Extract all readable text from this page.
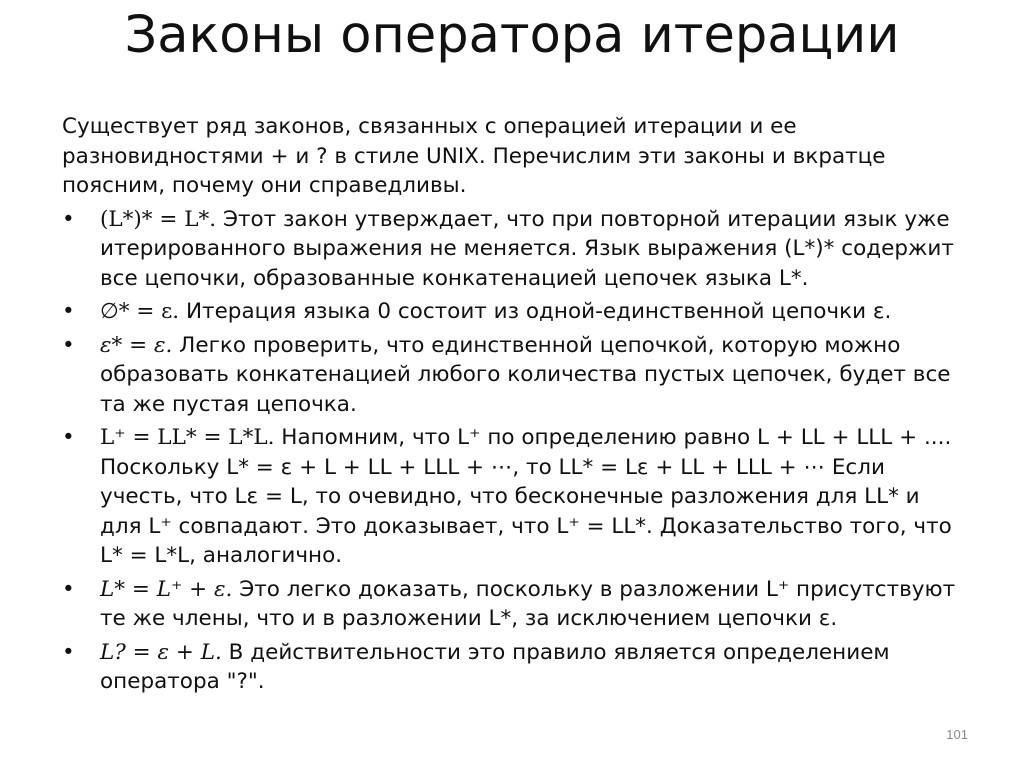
Законы оператора итерации

Существует ряд законов, связанных с операцией итерации и ее разновидностями + и ? в стиле UNIX. Перечислим эти законы и вкратце поясним, почему они справедливы.

• (L*)* = L*. Этот закон утверждает, что при повторной итерации язык уже итерированного выражения не меняется. Язык выражения (L*)* содержит все цепочки, образованные конкатенацией цепочек языка L*.
• ∅* = ε. Итерация языка 0 состоит из одной-единственной цепочки ε.
• ε* = ε. Легко проверить, что единственной цепочкой, которую можно образовать конкатенацией любого количества пустых цепочек, будет все та же пустая цепочка.
• L⁺ = LL* = L*L. Напомним, что L⁺ по определению равно L + LL + LLL + .... Поскольку L* = ε + L + LL + LLL + ⋯, то LL* = Lε + LL + LLL + ⋯ Если учесть, что Lε = L, то очевидно, что бесконечные разложения для LL* и для L⁺ совпадают. Это доказывает, что L⁺ = LL*. Доказательство того, что L* = L*L, аналогично.
• L* = L⁺ + ε. Это легко доказать, поскольку в разложении L⁺ присутствуют те же члены, что и в разложении L*, за исключением цепочки ε.
• L? = ε + L. В действительности это правило является определением оператора "?".
101
